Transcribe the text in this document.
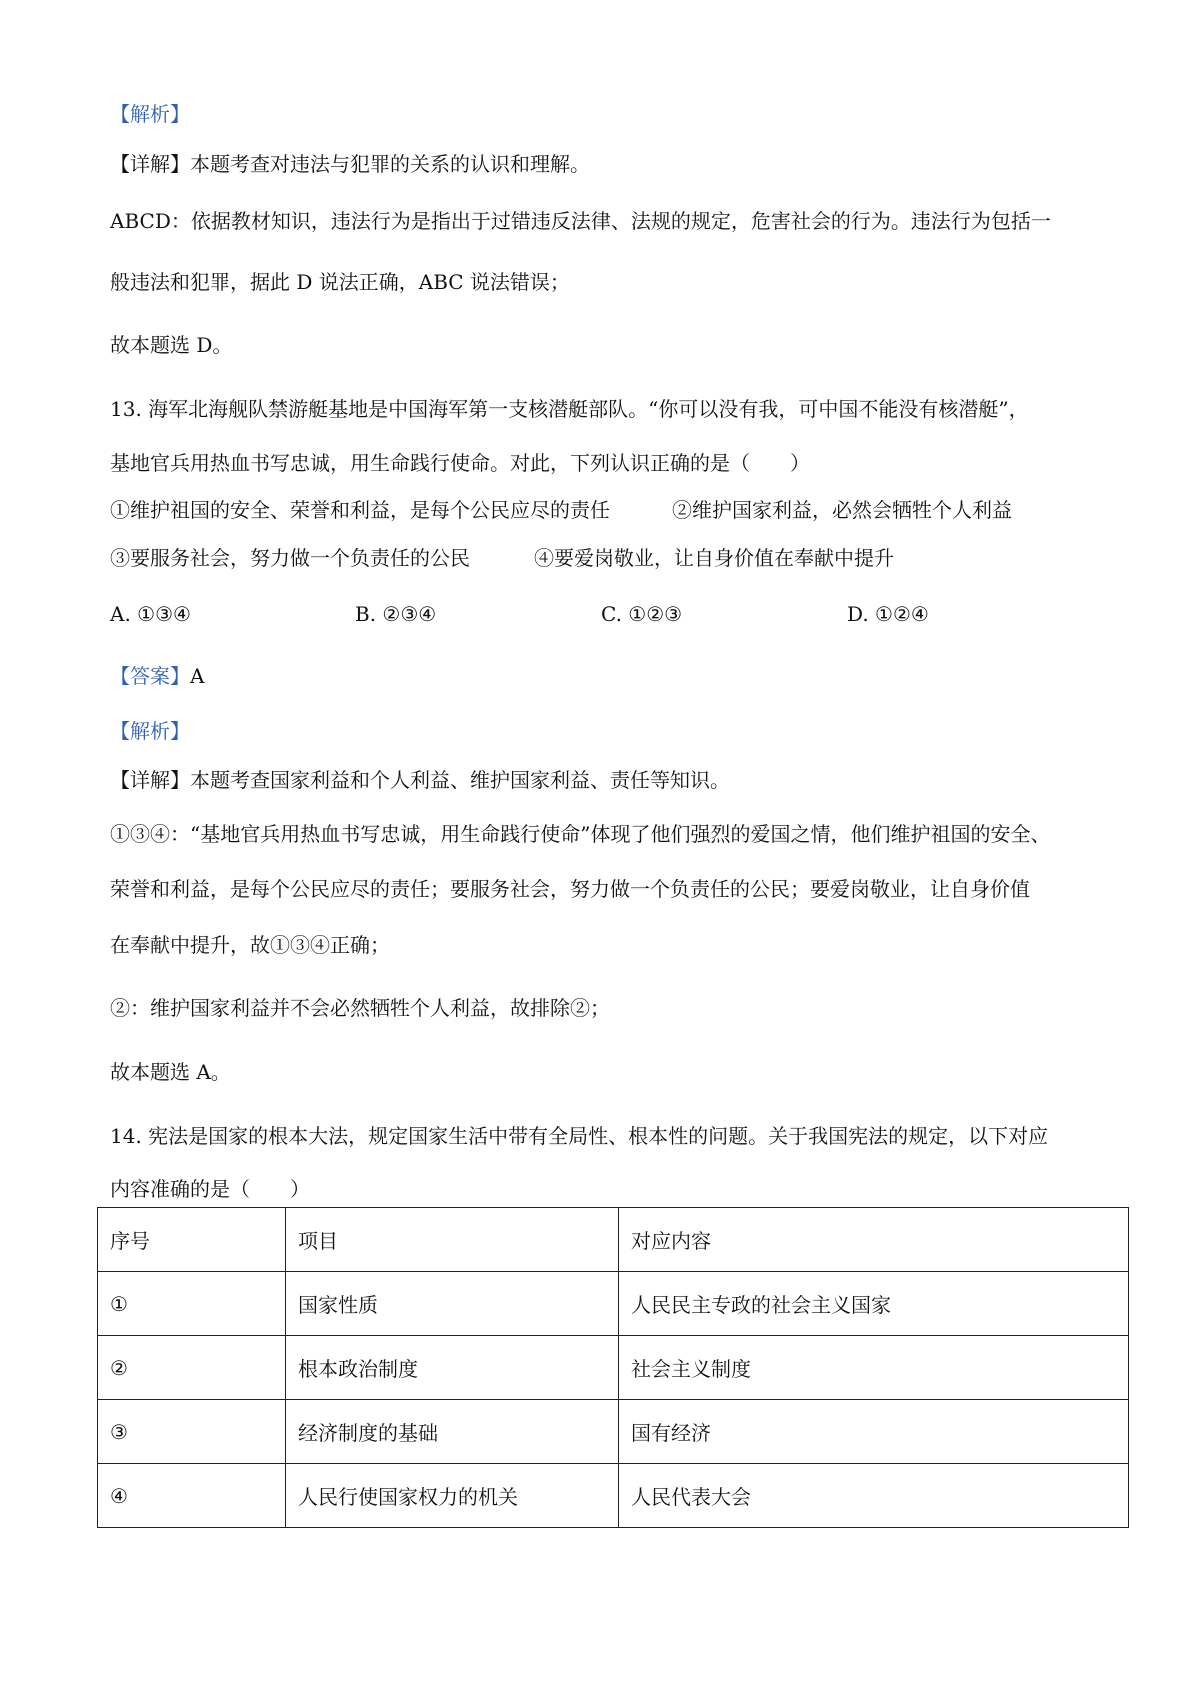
【解析】
【详解】本题考查对违法与犯罪的关系的认识和理解。
ABCD：依据教材知识，违法行为是指出于过错违反法律、法规的规定，危害社会的行为。违法行为包括一
般违法和犯罪，据此 D 说法正确，ABC 说法错误；
故本题选 D。
13. 海军北海舰队禁游艇基地是中国海军第一支核潜艇部队。“你可以没有我，可中国不能没有核潜艇”，
基地官兵用热血书写忠诚，用生命践行使命。对此，下列认识正确的是（　　）
①维护祖国的安全、荣誉和利益，是每个公民应尽的责任	②维护国家利益，必然会牺牲个人利益
③要服务社会，努力做一个负责任的公民	④要爱岗敬业，让自身价值在奉献中提升
A. ①③④	B. ②③④	C. ①②③	D. ①②④
【答案】A
【解析】
【详解】本题考查国家利益和个人利益、维护国家利益、责任等知识。
①③④：“基地官兵用热血书写忠诚，用生命践行使命”体现了他们强烈的爱国之情，他们维护祖国的安全、
荣誉和利益，是每个公民应尽的责任；要服务社会，努力做一个负责任的公民；要爱岗敬业，让自身价值
在奉献中提升，故①③④正确；
②：维护国家利益并不会必然牺牲个人利益，故排除②；
故本题选 A。
14. 宪法是国家的根本大法，规定国家生活中带有全局性、根本性的问题。关于我国宪法的规定，以下对应
内容准确的是（　　）
序号	项目	对应内容
①	国家性质	人民民主专政的社会主义国家
②	根本政治制度	社会主义制度
③	经济制度的基础	国有经济
④	人民行使国家权力的机关	人民代表大会
